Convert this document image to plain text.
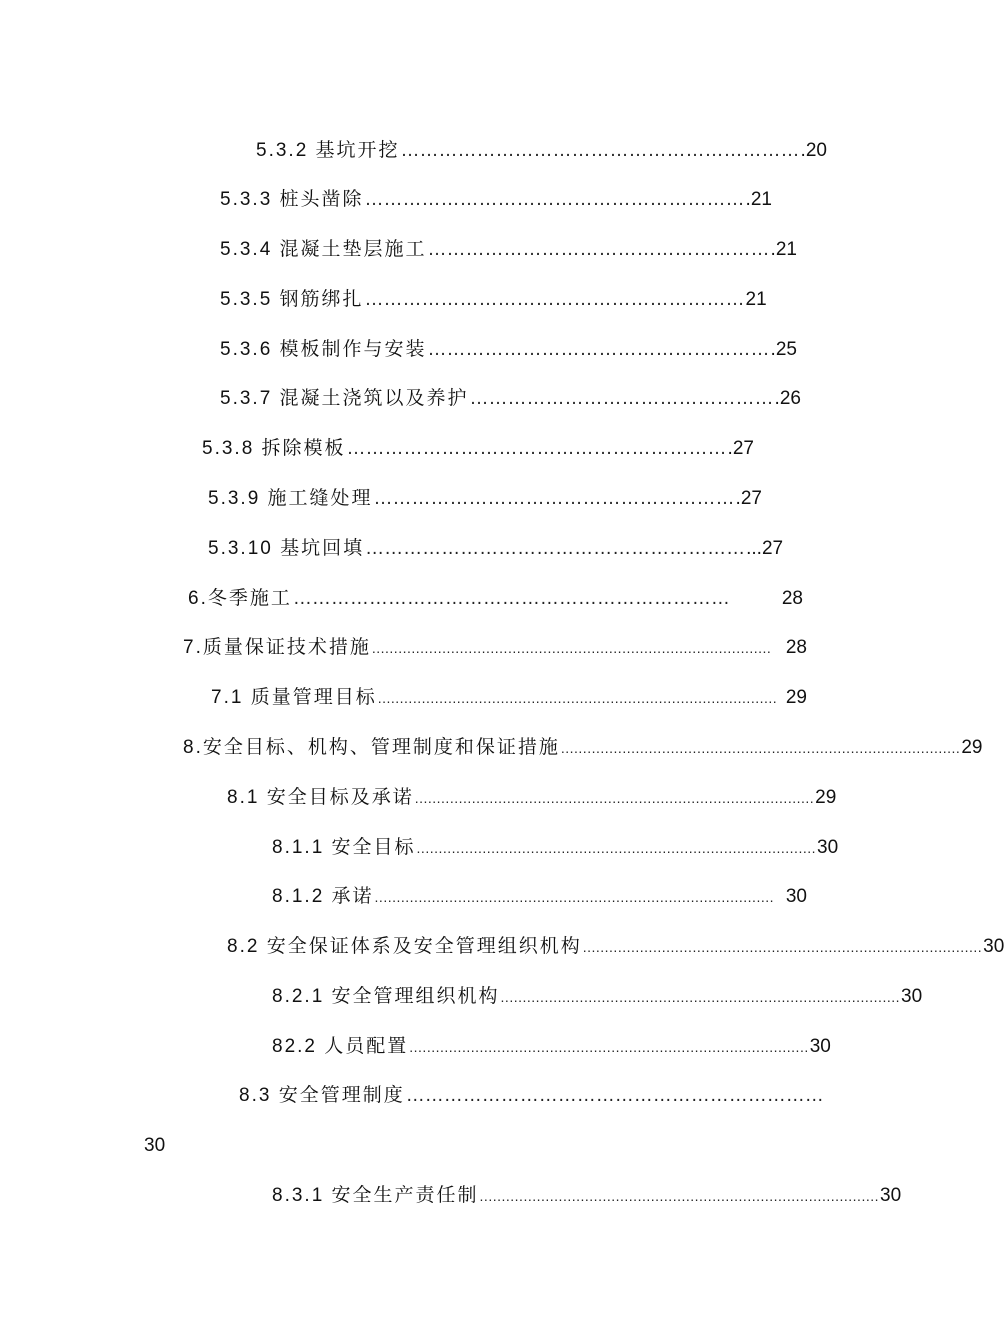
5.3.2 基坑开挖 ……………………………………………………… .20
5.3.3 桩头凿除 …………………………………………………… .21
5.3.4 混凝土垫层施工 ……………………………………………… .21
5.3.5 钢筋绑扎 …………………………………………………… 21
5.3.6 模板制作与安装 ……………………………………………… .25
5.3.7 混凝土浇筑以及养护 ………………………………………… .26
5.3.8 拆除模板 …………………………………………………… .27
5.3.9 施工缝处理 ………………………………………………… .27
5.3.10 基坑回填 …………………………………………………… ...27
6.冬季施工 ……………………………………………………………	28
7.质量保证技术措施 ........................................................................................... 28
7.1 质量管理目标 ........................................................................................... 29
8.安全目标、机构、管理制度和保证措施 ........................................................................................... 29
8.1 安全目标及承诺 ........................................................................................... 29
8.1.1 安全目标 ........................................................................................... 30
8.1.2 承诺 ........................................................................................... 30
8.2 安全保证体系及安全管理组织机构 ........................................................................................... 30
8.2.1 安全管理组织机构 ........................................................................................... 30
82.2 人员配置 ........................................................................................... 30
8.3 安全管理制度 …………………………………………………………
30
8.3.1 安全生产责任制 ........................................................................................... 30
